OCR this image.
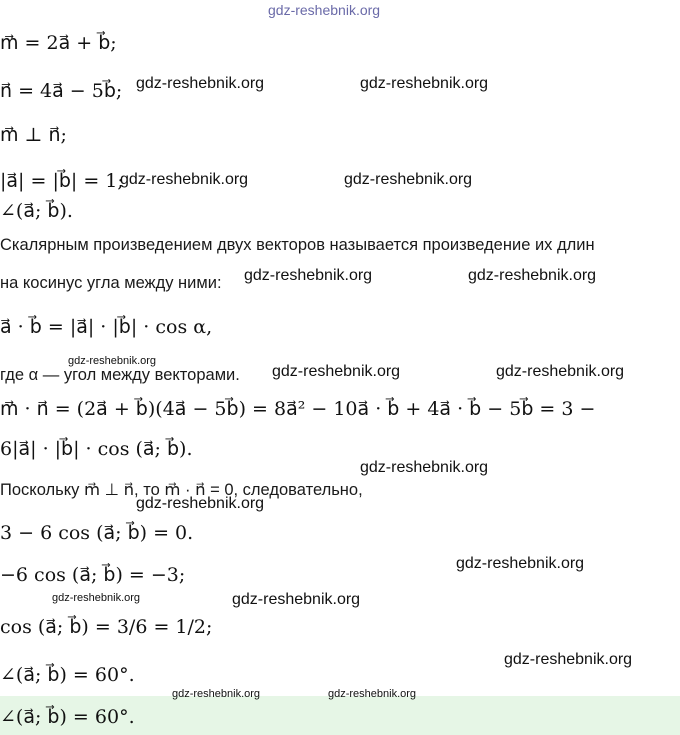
gdz-reshebnik.org
gdz-reshebnik.org	gdz-reshebnik.org
gdz-reshebnik.org	gdz-reshebnik.org
gdz-reshebnik.org	gdz-reshebnik.org
gdz-reshebnik.org
gdz-reshebnik.org	gdz-reshebnik.org
gdz-reshebnik.org
gdz-reshebnik.org
gdz-reshebnik.org
gdz-reshebnik.org	gdz-reshebnik.org
gdz-reshebnik.org
gdz-reshebnik.org	gdz-reshebnik.org
m⃗ = 2a⃗ + b⃗;
n⃗ = 4a⃗ − 5b⃗;
m⃗ ⊥ n⃗;
|a⃗| = |b⃗| = 1;
∠(a⃗; b⃗).
Скалярным произведением двух векторов называется произведение их длин
на косинус угла между ними:
a⃗ · b⃗ = |a⃗| · |b⃗| · cos α,
где α — угол между векторами.
m⃗ · n⃗ = (2a⃗ + b⃗)(4a⃗ − 5b⃗) = 8a⃗² − 10a⃗ · b⃗ + 4a⃗ · b⃗ − 5b⃗ = 3 −
6|a⃗| · |b⃗| · cos (a⃗; b⃗).
Поскольку m⃗ ⊥ n⃗, то m⃗ · n⃗ = 0, следовательно,
3 − 6 cos (a⃗; b⃗) = 0.
−6 cos (a⃗; b⃗) = −3;
cos (a⃗; b⃗) = 3/6 = 1/2;
∠(a⃗; b⃗) = 60°.
∠(a⃗; b⃗) = 60°.
